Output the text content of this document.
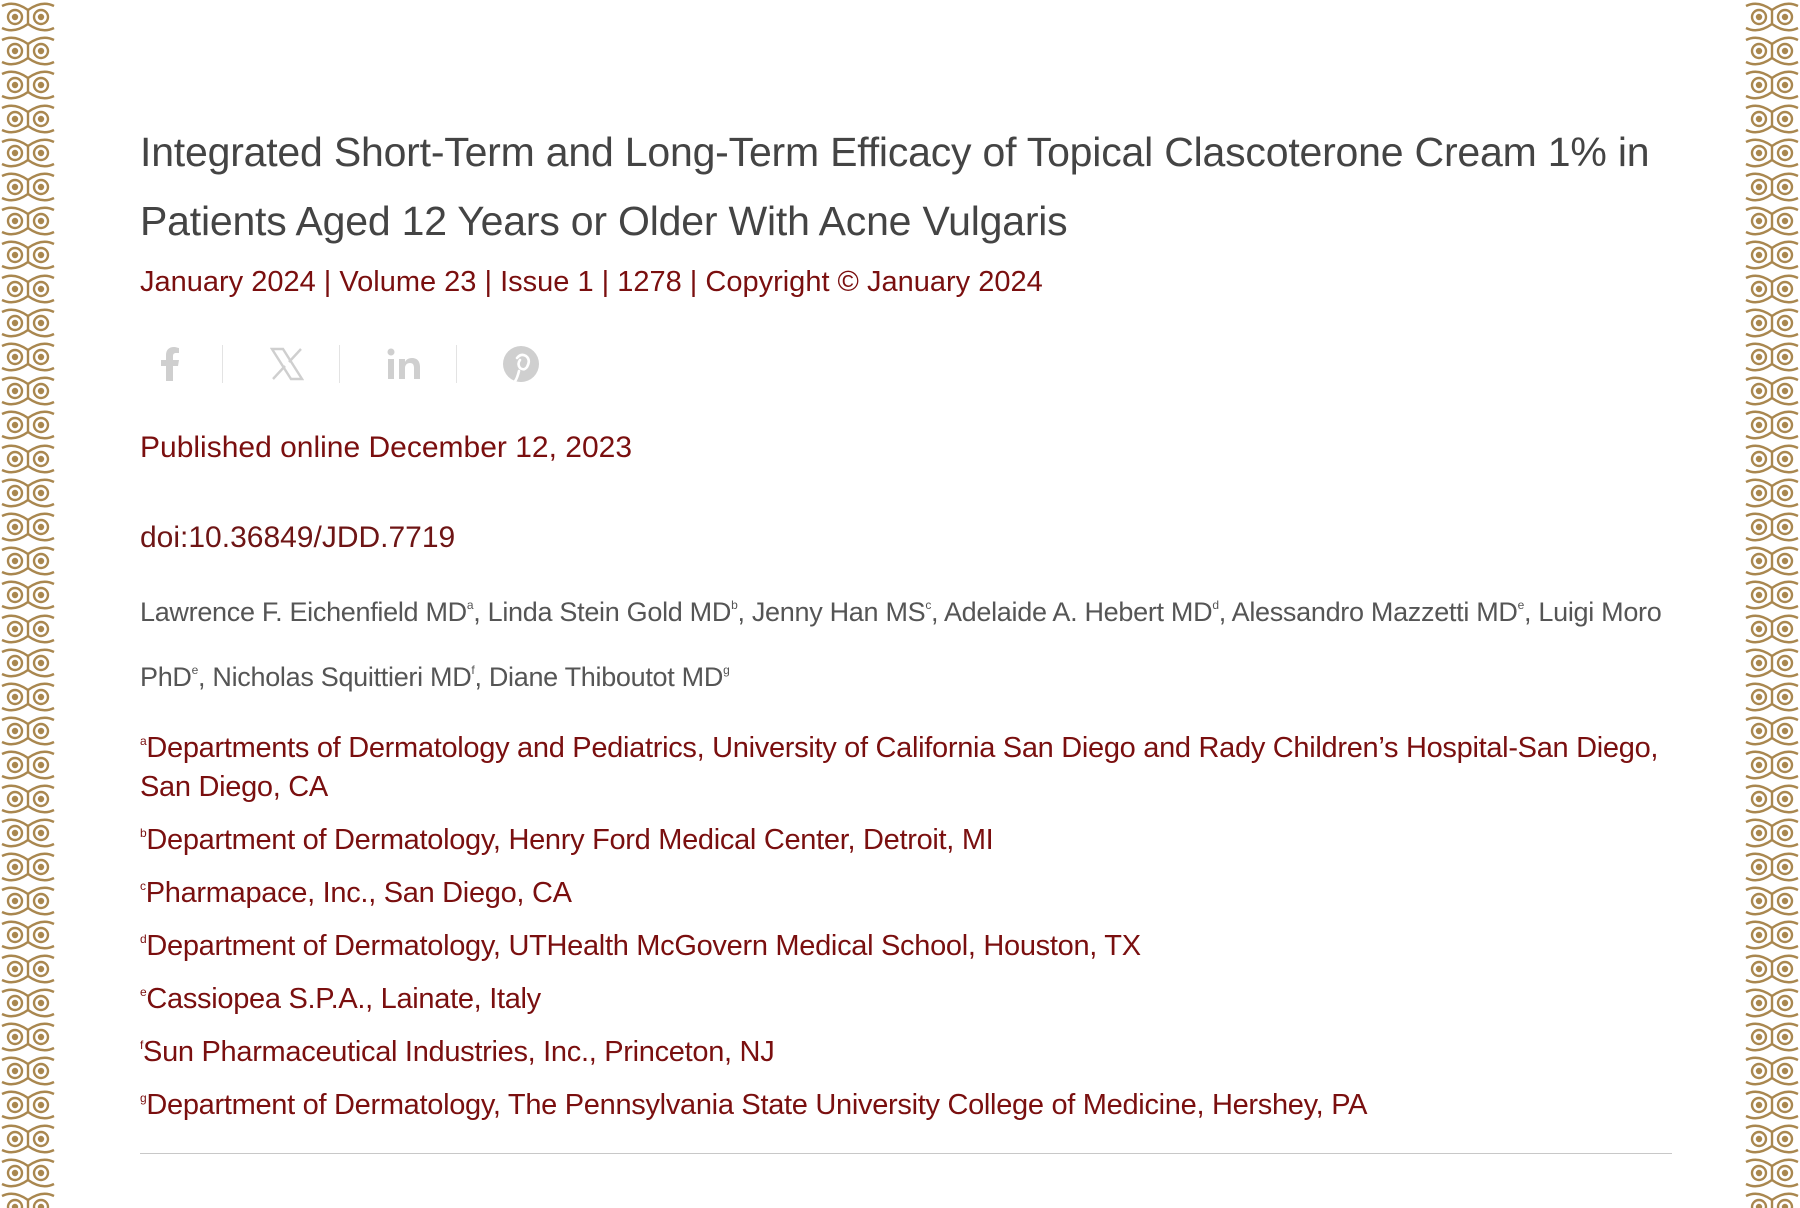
Integrated Short-Term and Long-Term Efficacy of Topical Clascoterone Cream 1% in Patients Aged 12 Years or Older With Acne Vulgaris
January 2024 | Volume 23 | Issue 1 | 1278 | Copyright © January 2024
Published online December 12, 2023
doi:10.36849/JDD.7719
Lawrence F. Eichenfield $MD^a$, Linda Stein Gold $MD^b$, Jenny Han $MS^c$, Adelaide A. Hebert $MD^d$, Alessandro Mazzetti MDe, Luigi Moro PhD$^e$, Nicholas Squittieri $MD^f$, Diane Thiboutot $MD^g$
$^a$Departments of Dermatology and Pediatrics, University of California San Diego and Rady Children’s Hospital-San Diego, San Diego, CA
$^b$Department of Dermatology, Henry Ford Medical Center, Detroit, MI
$^c$Pharmapace, Inc., San Diego, CA
$^d$Department of Dermatology, UTHealth McGovern Medical School, Houston, TX
$^e$Cassiopea S.P.A., Lainate, Italy
$^f$Sun Pharmaceutical Industries, Inc., Princeton, NJ
$^g$Department of Dermatology, The Pennsylvania State University College of Medicine, Hershey, PA
